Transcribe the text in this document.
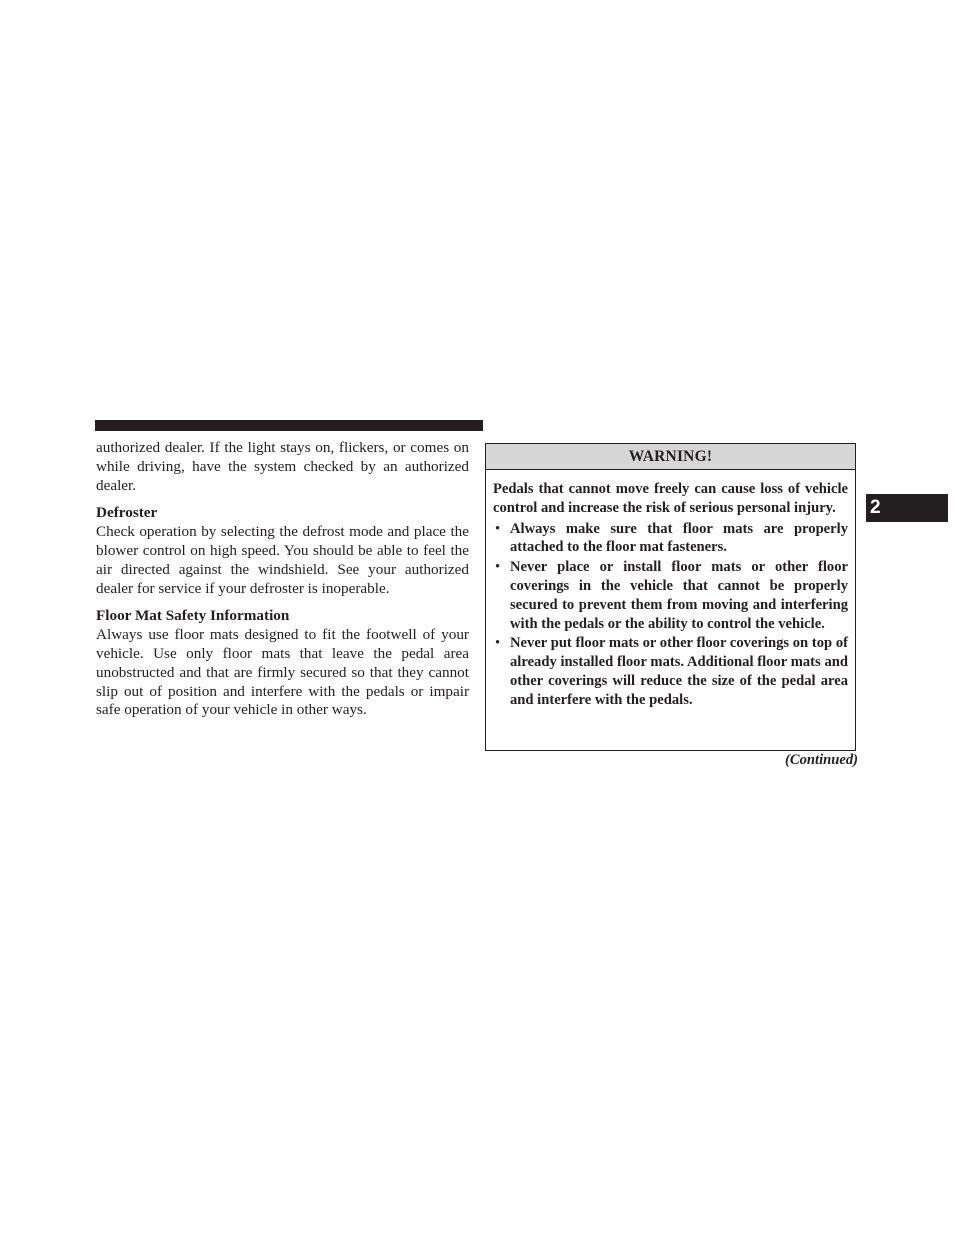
authorized dealer. If the light stays on, flickers, or comes on while driving, have the system checked by an authorized dealer.

Defroster

Check operation by selecting the defrost mode and place the blower control on high speed. You should be able to feel the air directed against the windshield. See your authorized dealer for service if your defroster is inoperable.

Floor Mat Safety Information

Always use floor mats designed to fit the footwell of your vehicle. Use only floor mats that leave the pedal area unobstructed and that are firmly secured so that they cannot slip out of position and interfere with the pedals or impair safe operation of your vehicle in other ways.

WARNING!

Pedals that cannot move freely can cause loss of vehicle control and increase the risk of serious personal injury.

• Always make sure that floor mats are properly attached to the floor mat fasteners.
• Never place or install floor mats or other floor coverings in the vehicle that cannot be properly secured to prevent them from moving and interfering with the pedals or the ability to control the vehicle.
• Never put floor mats or other floor coverings on top of already installed floor mats. Additional floor mats and other coverings will reduce the size of the pedal area and interfere with the pedals.
(Continued)
2
